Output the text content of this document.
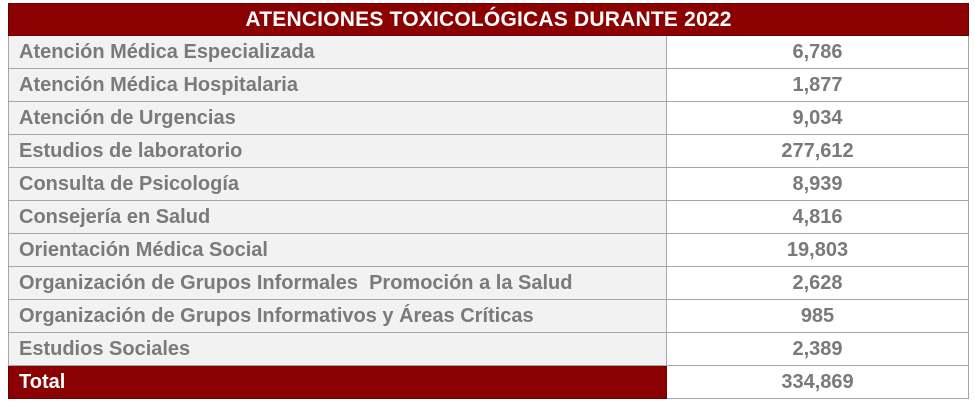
ATENCIONES TOXICOLÓGICAS DURANTE 2022	
Atención Médica Especializada	6,786
Atención Médica Hospitalaria	1,877
Atención de Urgencias	9,034
Estudios de laboratorio	277,612
Consulta de Psicología	8,939
Consejería en Salud	4,816
Orientación Médica Social	19,803
Organización de Grupos Informales  Promoción a la Salud	2,628
Organización de Grupos Informativos y Áreas Críticas	985
Estudios Sociales	2,389
Total	334,869
